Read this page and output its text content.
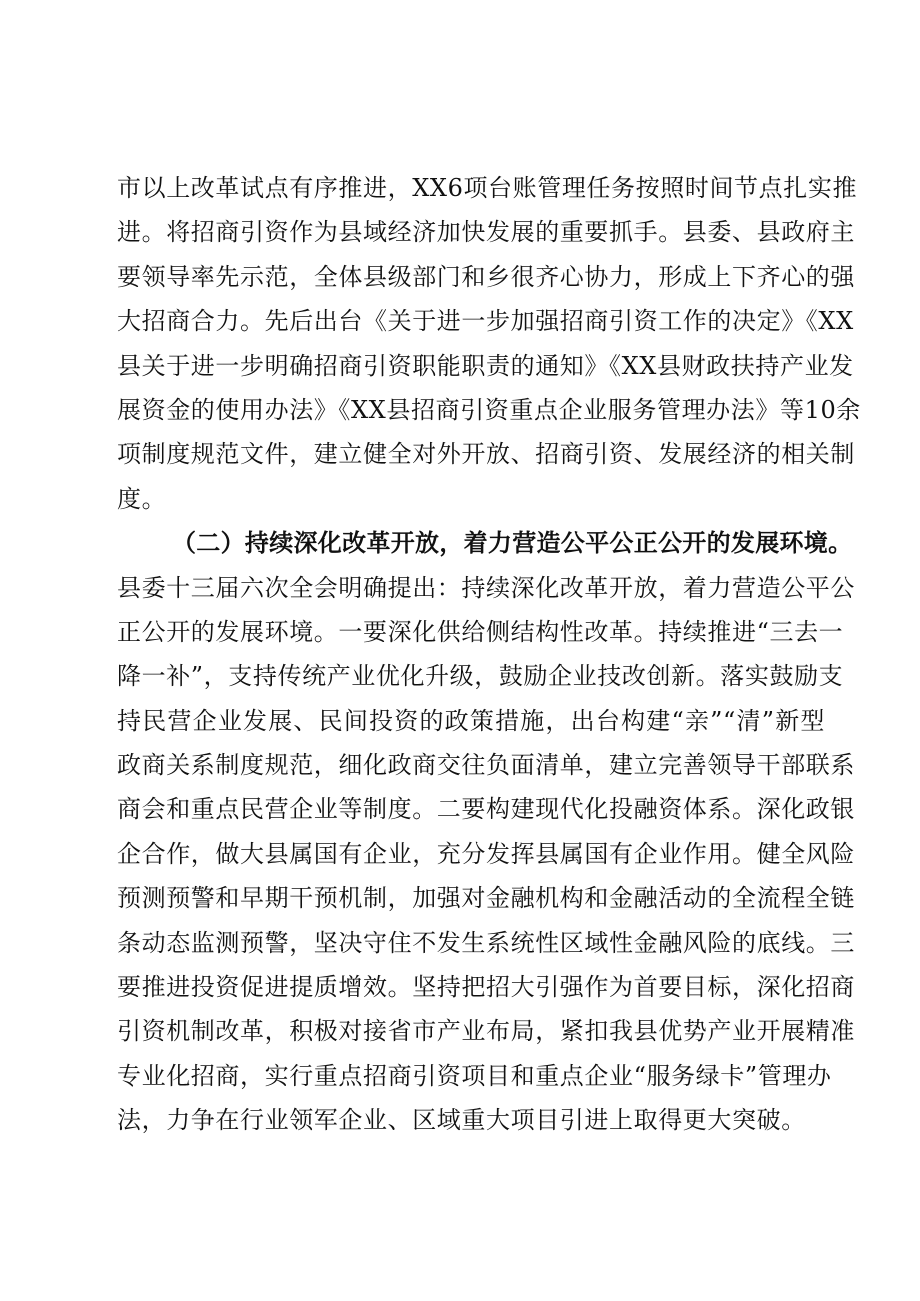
市以上改革试点有序推进，XX6项台账管理任务按照时间节点扎实推
进。将招商引资作为县域经济加快发展的重要抓手。县委、县政府主
要领导率先示范，全体县级部门和乡很齐心协力，形成上下齐心的强
大招商合力。先后出台《关于进一步加强招商引资工作的决定》《XX
县关于进一步明确招商引资职能职责的通知》《XX县财政扶持产业发
展资金的使用办法》《XX县招商引资重点企业服务管理办法》等10余
项制度规范文件，建立健全对外开放、招商引资、发展经济的相关制
度。
（二）持续深化改革开放，着力营造公平公正公开的发展环境。
县委十三届六次全会明确提出：持续深化改革开放，着力营造公平公
正公开的发展环境。一要深化供给侧结构性改革。持续推进“三去一
降一补”，支持传统产业优化升级，鼓励企业技改创新。落实鼓励支
持民营企业发展、民间投资的政策措施，出台构建“亲”“清”新型
政商关系制度规范，细化政商交往负面清单，建立完善领导干部联系
商会和重点民营企业等制度。二要构建现代化投融资体系。深化政银
企合作，做大县属国有企业，充分发挥县属国有企业作用。健全风险
预测预警和早期干预机制，加强对金融机构和金融活动的全流程全链
条动态监测预警，坚决守住不发生系统性区域性金融风险的底线。三
要推进投资促进提质增效。坚持把招大引强作为首要目标，深化招商
引资机制改革，积极对接省市产业布局，紧扣我县优势产业开展精准
专业化招商，实行重点招商引资项目和重点企业“服务绿卡”管理办
法，力争在行业领军企业、区域重大项目引进上取得更大突破。
